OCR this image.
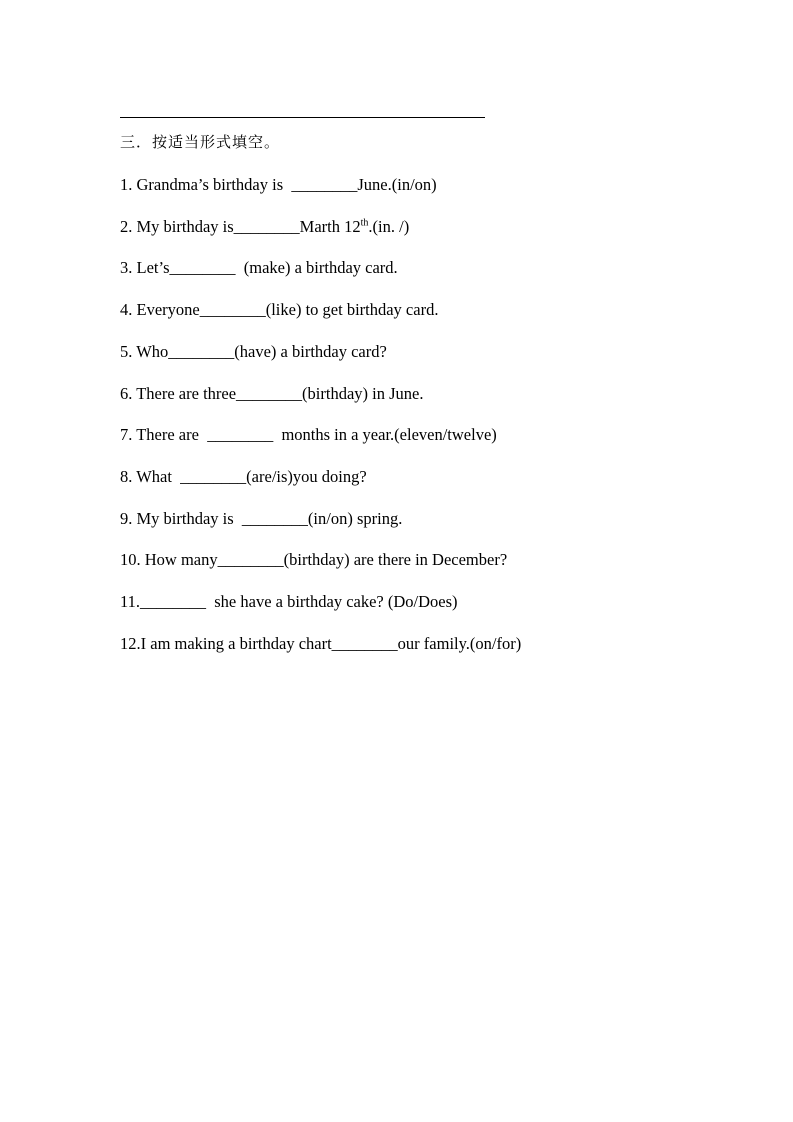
三．按适当形式填空。
1. Grandma’s birthday is  ________June.(in/on)
2. My birthday is________Marth 12th.(in. /)
3. Let’s________  (make) a birthday card.
4. Everyone________(like) to get birthday card.
5. Who________(have) a birthday card?
6. There are three________(birthday) in June.
7. There are  ________  months in a year.(eleven/twelve)
8. What  ________(are/is)you doing?
9. My birthday is  ________(in/on) spring.
10. How many________(birthday) are there in December?
11.________  she have a birthday cake? (Do/Does)
12.I am making a birthday chart________our family.(on/for)
